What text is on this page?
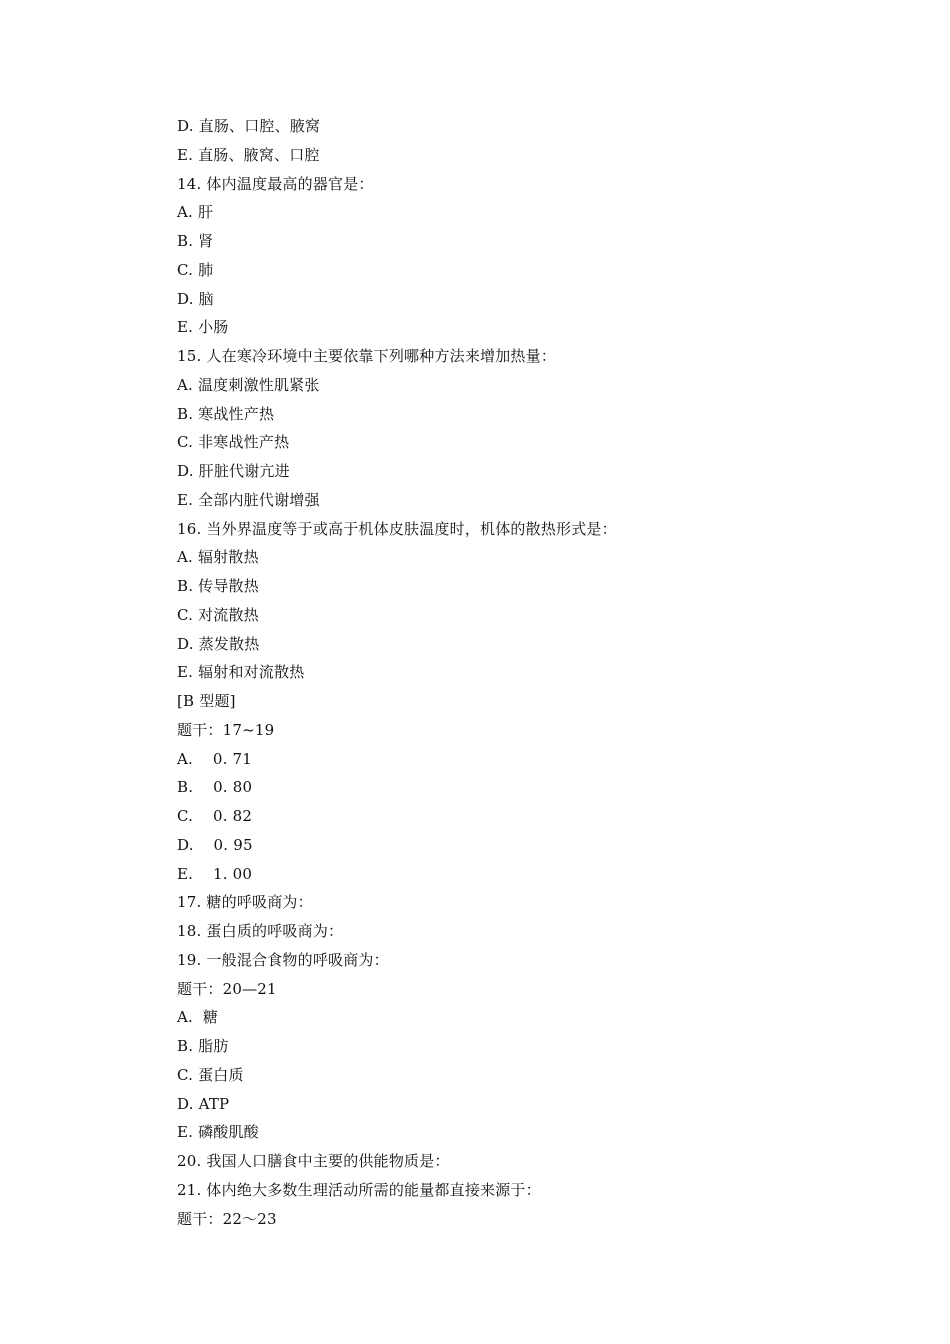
D. 直肠、口腔、腋窝
E. 直肠、腋窝、口腔
14. 体内温度最高的器官是：
A. 肝
B. 肾
C. 肺
D. 脑
E. 小肠
15. 人在寒冷环境中主要依靠下列哪种方法来增加热量：
A. 温度刺激性肌紧张
B. 寒战性产热
C. 非寒战性产热
D. 肝脏代谢亢进
E. 全部内脏代谢增强
16. 当外界温度等于或高于机体皮肤温度时，机体的散热形式是：
A. 辐射散热
B. 传导散热
C. 对流散热
D. 蒸发散热
E. 辐射和对流散热
[B 型题]
题干：17~19
A.    0. 71
B.    0. 80
C.    0. 82
D.    0. 95
E.    1. 00
17. 糖的呼吸商为：
18. 蛋白质的呼吸商为：
19. 一般混合食物的呼吸商为：
题干：20—21
A.  糖
B. 脂肪
C. 蛋白质
D. ATP
E. 磷酸肌酸
20. 我国人口膳食中主要的供能物质是：
21. 体内绝大多数生理活动所需的能量都直接来源于：
题干：22～23
